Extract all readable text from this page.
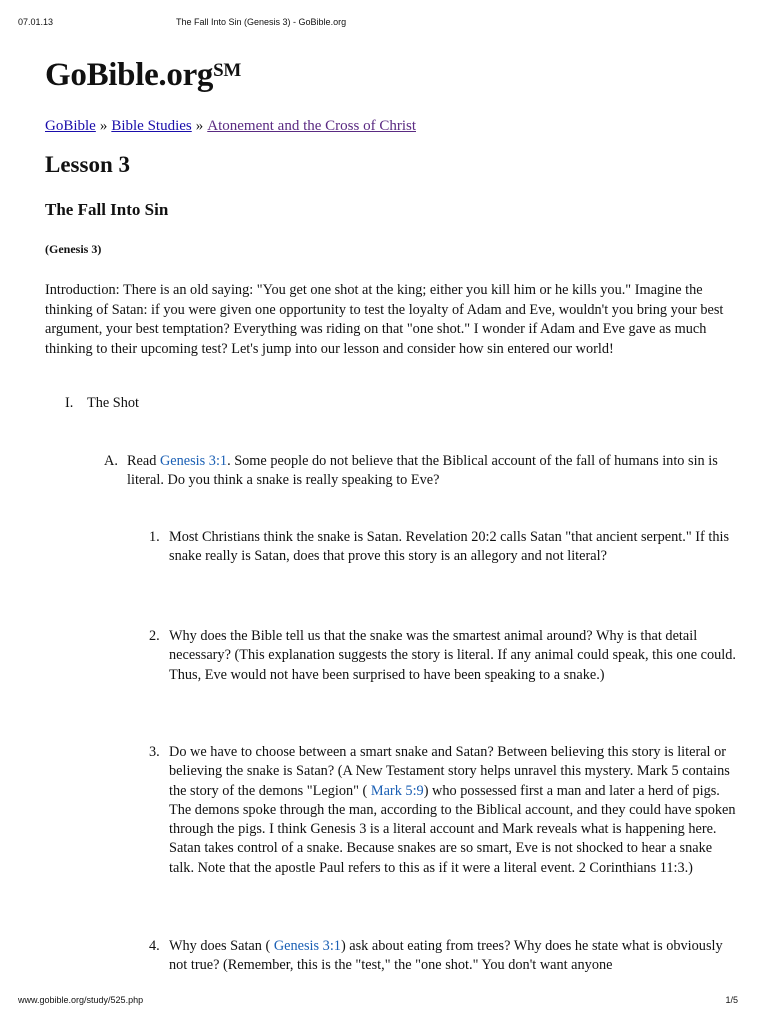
07.01.13	The Fall Into Sin (Genesis 3) - GoBible.org
GoBible.org℠
GoBible » Bible Studies » Atonement and the Cross of Christ
Lesson 3
The Fall Into Sin
(Genesis 3)

Introduction: There is an old saying: "You get one shot at the king; either you kill him or he kills you." Imagine the thinking of Satan: if you were given one opportunity to test the loyalty of Adam and Eve, wouldn't you bring your best argument, your best temptation? Everything was riding on that "one shot." I wonder if Adam and Eve gave as much thinking to their upcoming test? Let's jump into our lesson and consider how sin entered our world!

I. The Shot
A. Read Genesis 3:1. Some people do not believe that the Biblical account of the fall of humans into sin is literal. Do you think a snake is really speaking to Eve?
1. Most Christians think the snake is Satan. Revelation 20:2 calls Satan "that ancient serpent." If this snake really is Satan, does that prove this story is an allegory and not literal?
2. Why does the Bible tell us that the snake was the smartest animal around? Why is that detail necessary? (This explanation suggests the story is literal. If any animal could speak, this one could. Thus, Eve would not have been surprised to have been speaking to a snake.)
3. Do we have to choose between a smart snake and Satan? Between believing this story is literal or believing the snake is Satan? (A New Testament story helps unravel this mystery. Mark 5 contains the story of the demons "Legion" ( Mark 5:9) who possessed first a man and later a herd of pigs. The demons spoke through the man, according to the Biblical account, and they could have spoken through the pigs. I think Genesis 3 is a literal account and Mark reveals what is happening here. Satan takes control of a snake. Because snakes are so smart, Eve is not shocked to hear a snake talk. Note that the apostle Paul refers to this as if it were a literal event. 2 Corinthians 11:3.)
4. Why does Satan ( Genesis 3:1) ask about eating from trees? Why does he state what is obviously not true? (Remember, this is the "test," the "one shot." You don't want anyone
www.gobible.org/study/525.php	1/5
